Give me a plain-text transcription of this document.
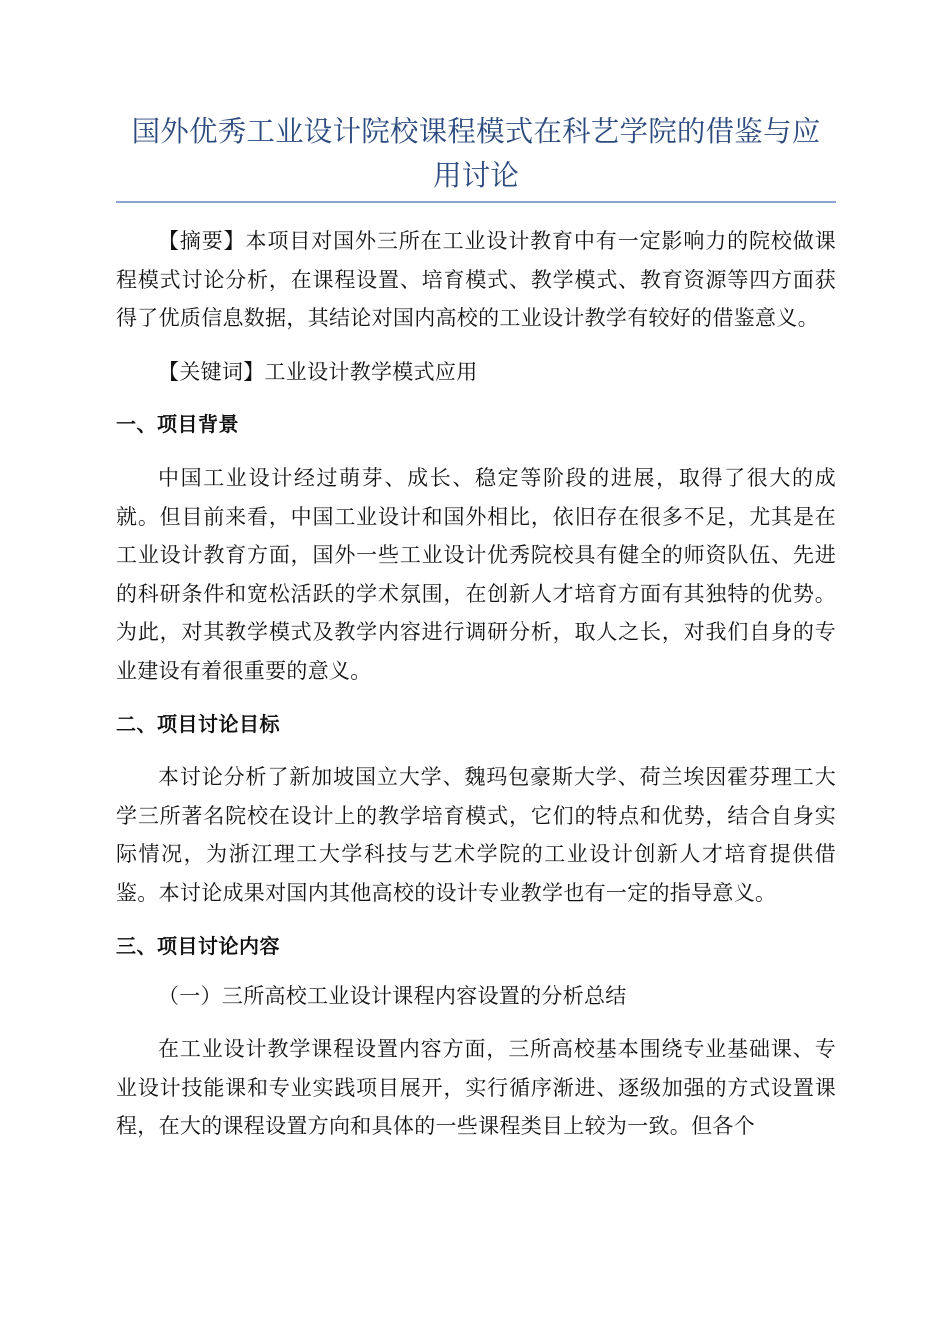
国外优秀工业设计院校课程模式在科艺学院的借鉴与应用讨论

【摘要】本项目对国外三所在工业设计教育中有一定影响力的院校做课程模式讨论分析，在课程设置、培育模式、教学模式、教育资源等四方面获得了优质信息数据，其结论对国内高校的工业设计教学有较好的借鉴意义。

【关键词】工业设计教学模式应用

一、项目背景

中国工业设计经过萌芽、成长、稳定等阶段的进展，取得了很大的成就。但目前来看，中国工业设计和国外相比，依旧存在很多不足，尤其是在工业设计教育方面，国外一些工业设计优秀院校具有健全的师资队伍、先进的科研条件和宽松活跃的学术氛围，在创新人才培育方面有其独特的优势。为此，对其教学模式及教学内容进行调研分析，取人之长，对我们自身的专业建设有着很重要的意义。

二、项目讨论目标

本讨论分析了新加坡国立大学、魏玛包豪斯大学、荷兰埃因霍芬理工大学三所著名院校在设计上的教学培育模式，它们的特点和优势，结合自身实际情况，为浙江理工大学科技与艺术学院的工业设计创新人才培育提供借鉴。本讨论成果对国内其他高校的设计专业教学也有一定的指导意义。

三、项目讨论内容

（一）三所高校工业设计课程内容设置的分析总结

在工业设计教学课程设置内容方面，三所高校基本围绕专业基础课、专业设计技能课和专业实践项目展开，实行循序渐进、逐级加强的方式设置课程，在大的课程设置方向和具体的一些课程类目上较为一致。但各个
